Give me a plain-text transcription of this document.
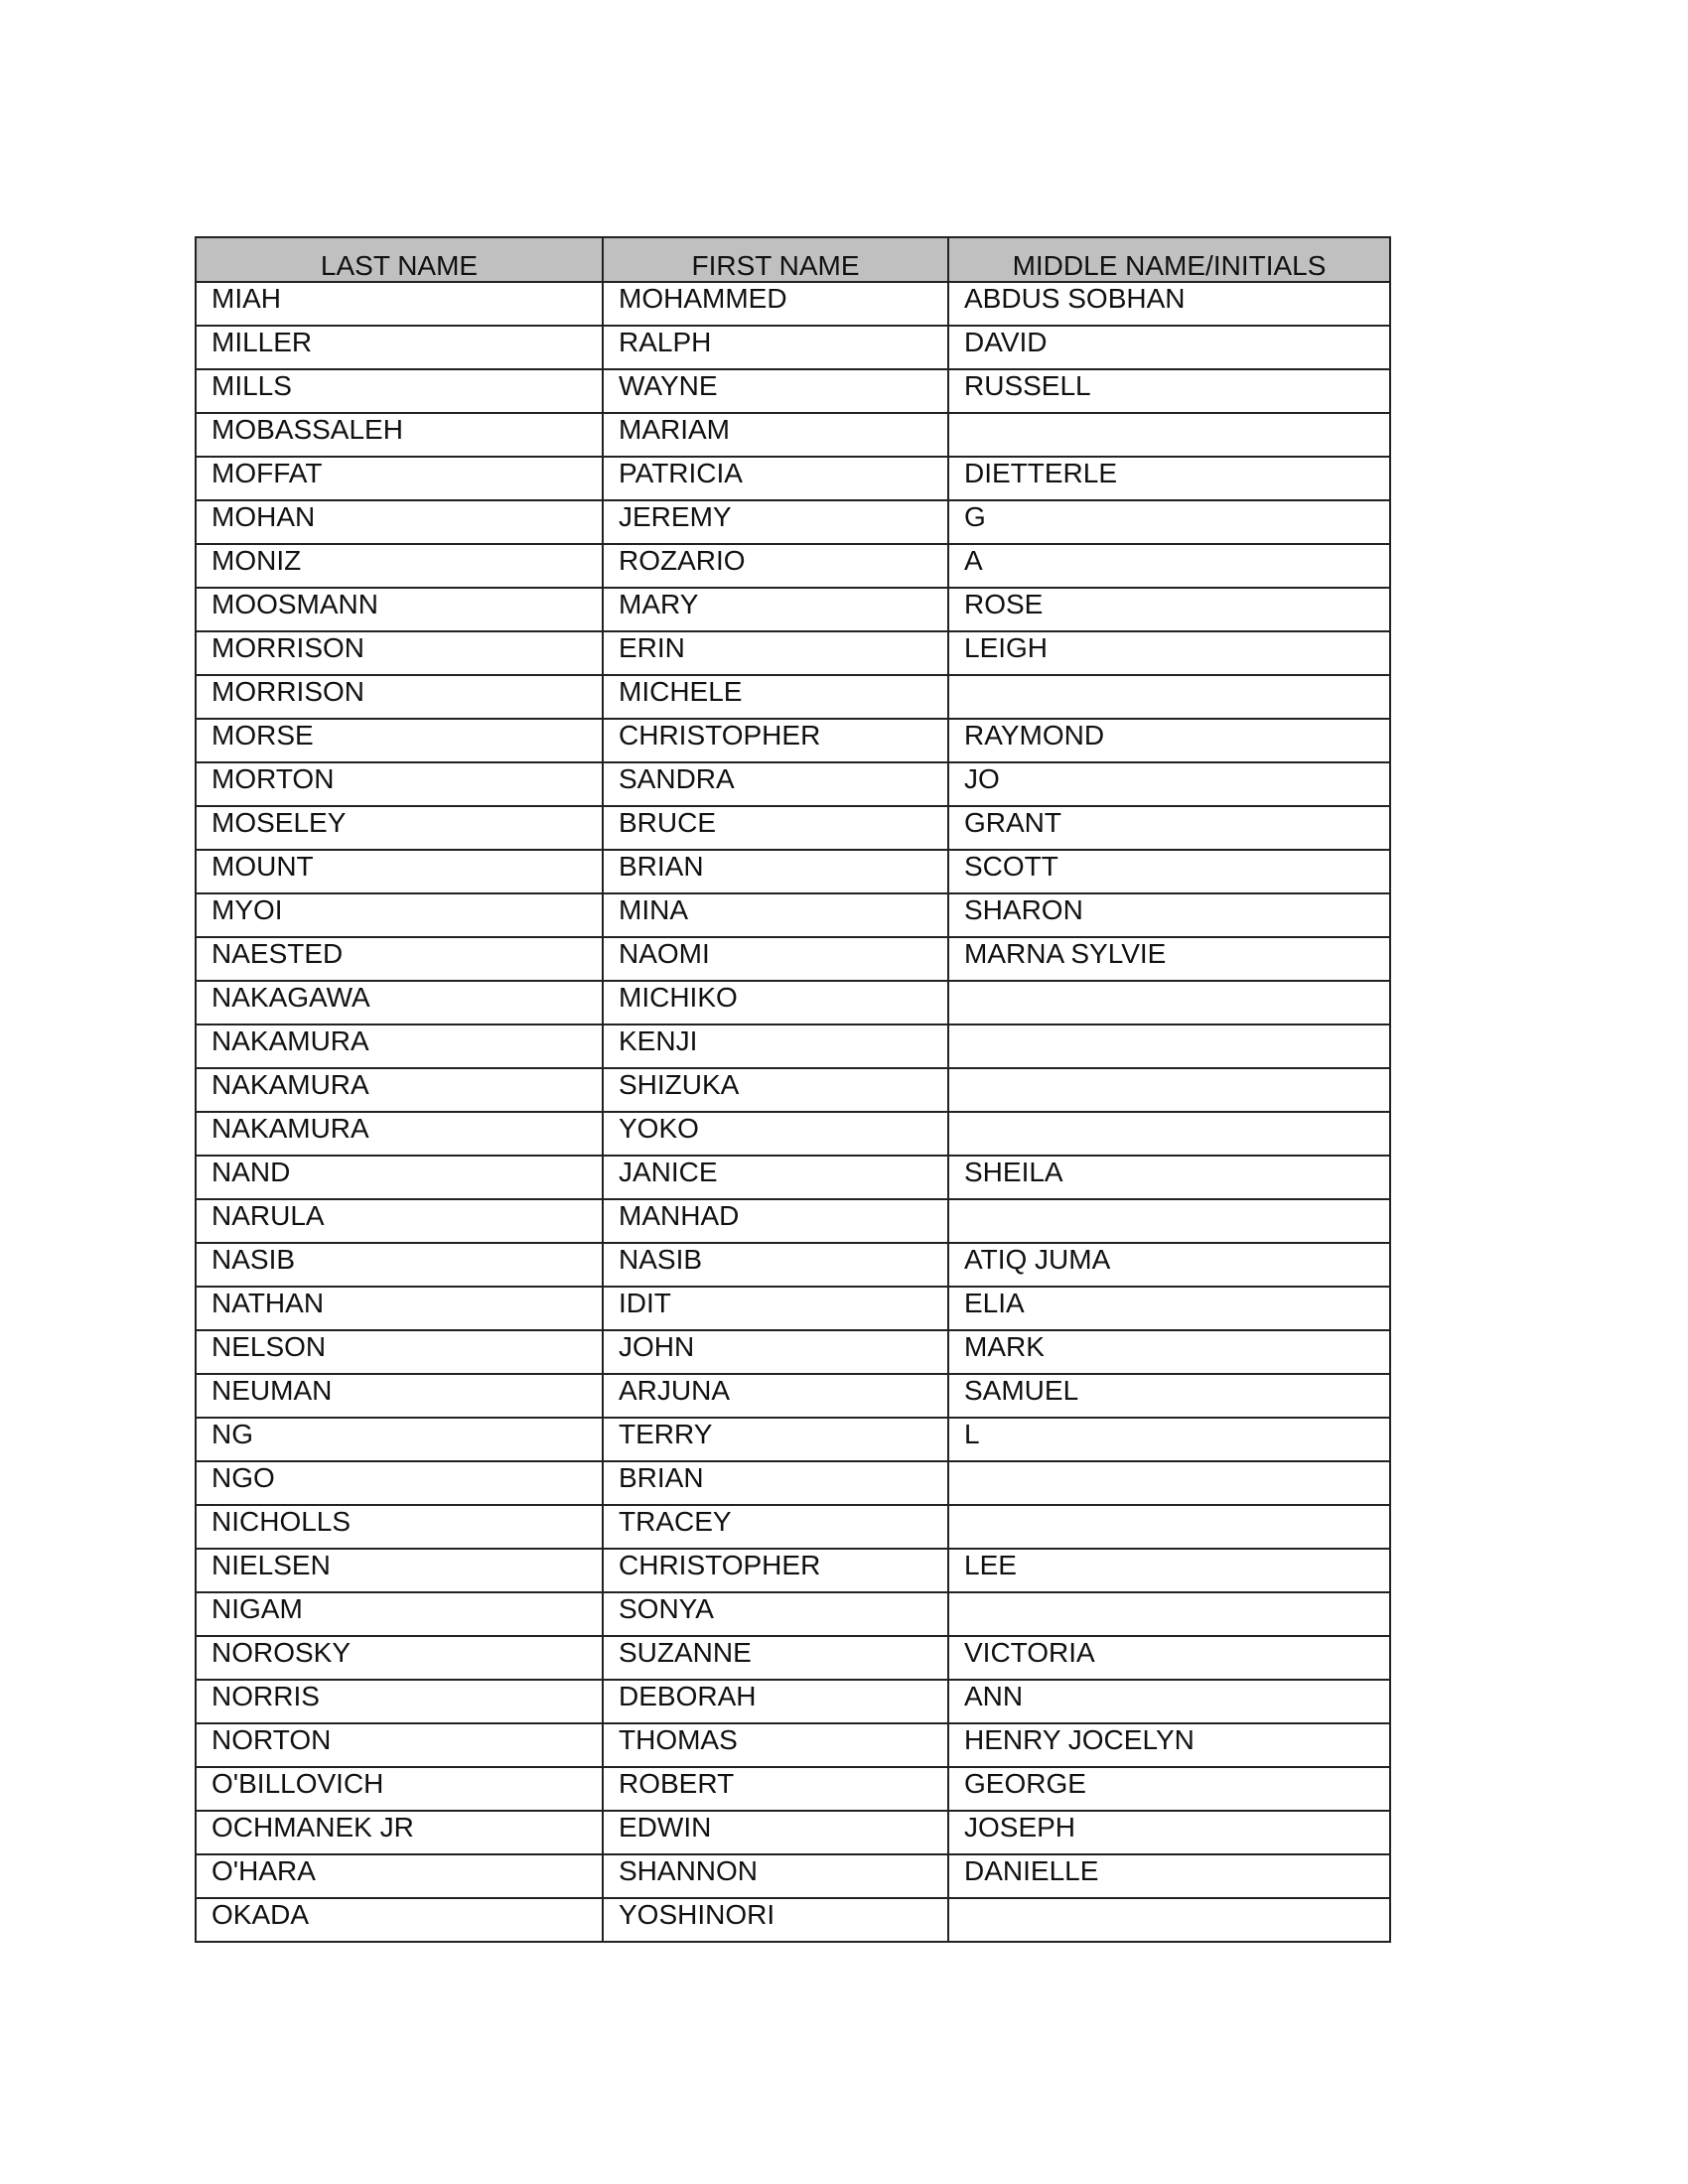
LAST NAME	FIRST NAME	MIDDLE NAME/INITIALS
MIAH	MOHAMMED	ABDUS SOBHAN
MILLER	RALPH	DAVID
MILLS	WAYNE	RUSSELL
MOBASSALEH	MARIAM	
MOFFAT	PATRICIA	DIETTERLE
MOHAN	JEREMY	G
MONIZ	ROZARIO	A
MOOSMANN	MARY	ROSE
MORRISON	ERIN	LEIGH
MORRISON	MICHELE	
MORSE	CHRISTOPHER	RAYMOND
MORTON	SANDRA	JO
MOSELEY	BRUCE	GRANT
MOUNT	BRIAN	SCOTT
MYOI	MINA	SHARON
NAESTED	NAOMI	MARNA SYLVIE
NAKAGAWA	MICHIKO	
NAKAMURA	KENJI	
NAKAMURA	SHIZUKA	
NAKAMURA	YOKO	
NAND	JANICE	SHEILA
NARULA	MANHAD	
NASIB	NASIB	ATIQ JUMA
NATHAN	IDIT	ELIA
NELSON	JOHN	MARK
NEUMAN	ARJUNA	SAMUEL
NG	TERRY	L
NGO	BRIAN	
NICHOLLS	TRACEY	
NIELSEN	CHRISTOPHER	LEE
NIGAM	SONYA	
NOROSKY	SUZANNE	VICTORIA
NORRIS	DEBORAH	ANN
NORTON	THOMAS	HENRY JOCELYN
O'BILLOVICH	ROBERT	GEORGE
OCHMANEK JR	EDWIN	JOSEPH
O'HARA	SHANNON	DANIELLE
OKADA	YOSHINORI	
